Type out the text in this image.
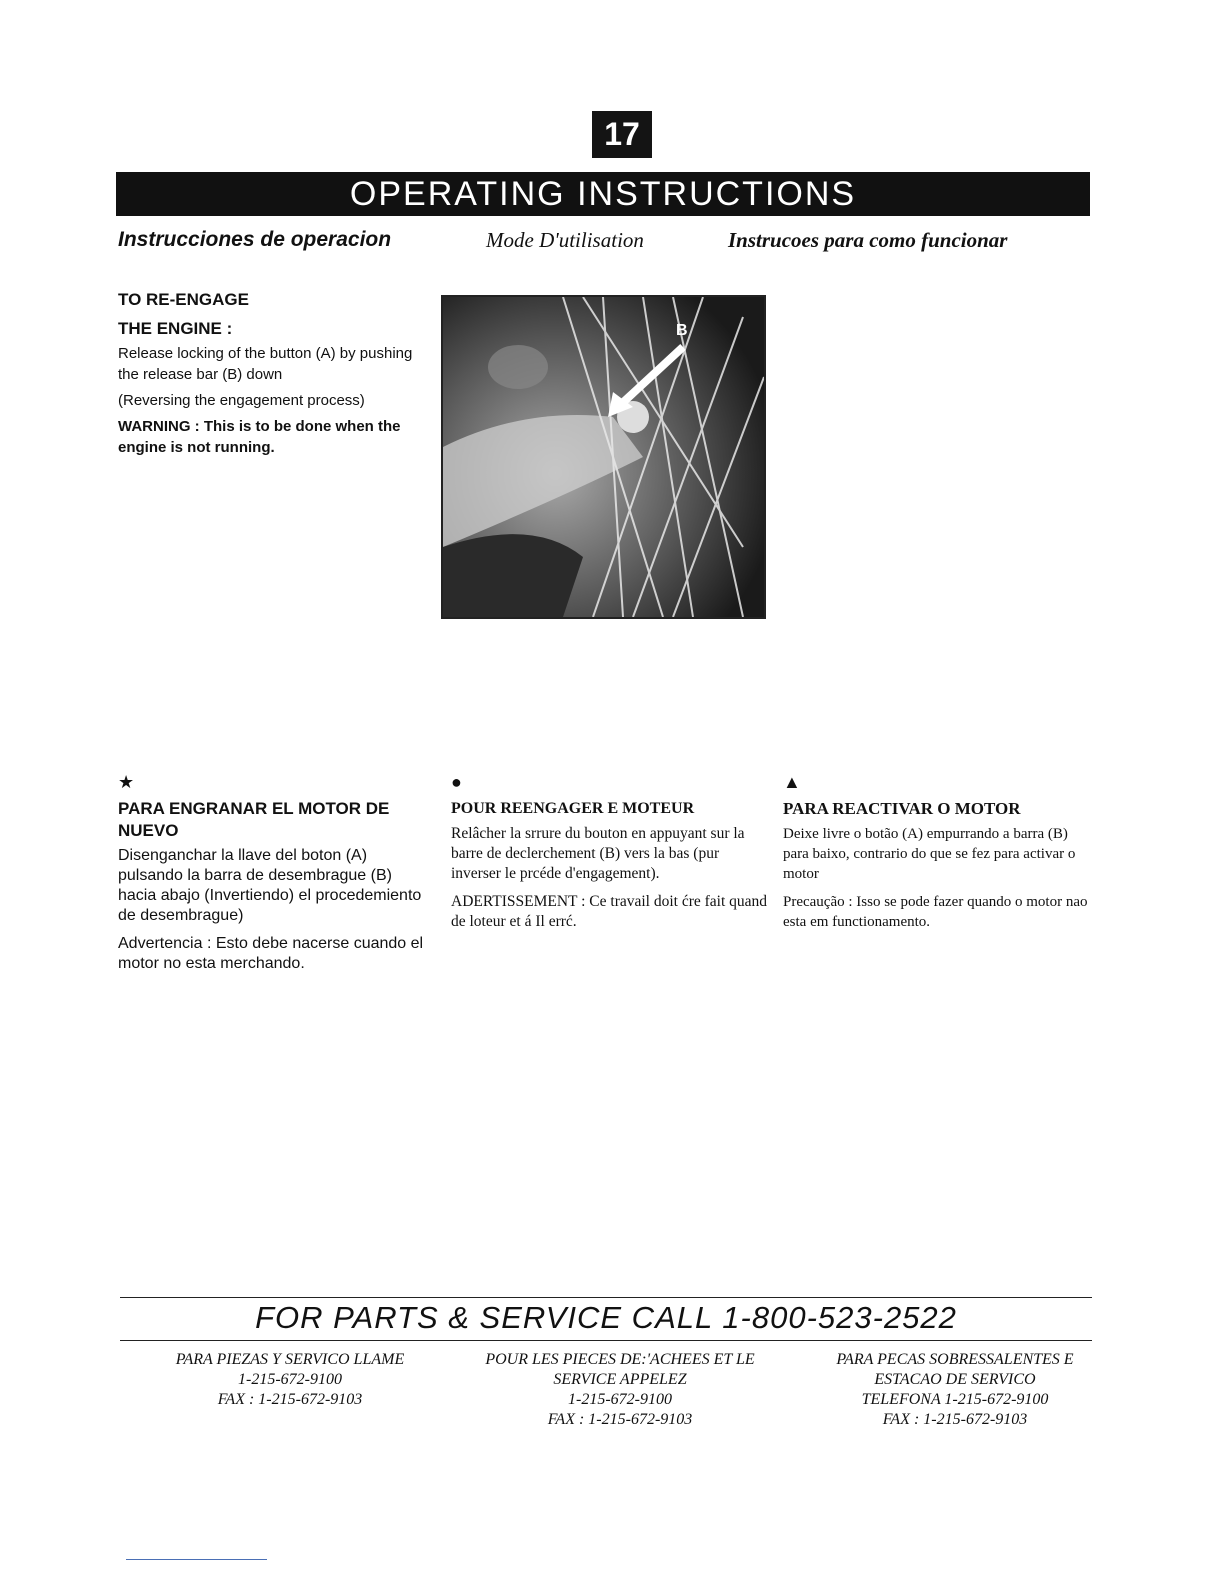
17
OPERATING INSTRUCTIONS
Instrucciones de operacion	Mode D'utilisation	Instrucoes para como funcionar
TO RE-ENGAGE
THE ENGINE :

Release locking of the button (A) by pushing the release bar (B) down

(Reversing the engagement process)

WARNING : This is to be done when the engine is not running.

B
★
PARA ENGRANAR EL MOTOR DE NUEVO

Disenganchar la llave del boton (A) pulsando la barra de desembrague (B) hacia abajo (Invertiendo) el procedemiento de desembrague)

Advertencia : Esto debe nacerse cuando el motor no esta merchando.

●
POUR REENGAGER E MOTEUR

Relâcher la srrure du bouton en appuyant sur la barre de declerchement (B) vers la bas (pur inverser le prcéde d'engagement).

ADERTISSEMENT : Ce travail doit ćre fait quand de loteur et á Il errć.

▲
PARA REACTIVAR O MOTOR

Deixe livre o botão (A) empurrando a barra (B) para baixo, contrario do que se fez para activar o motor

Precaução : Isso se pode fazer quando o motor nao esta em functionamento.

FOR PARTS & SERVICE CALL 1-800-523-2522
PARA PIEZAS Y SERVICO LLAME
1-215-672-9100
FAX : 1-215-672-9103
POUR LES PIECES DE:'ACHEES ET LE
SERVICE APPELEZ
1-215-672-9100
FAX : 1-215-672-9103
PARA PECAS SOBRESSALENTES E
ESTACAO DE SERVICO
TELEFONA 1-215-672-9100
FAX : 1-215-672-9103
